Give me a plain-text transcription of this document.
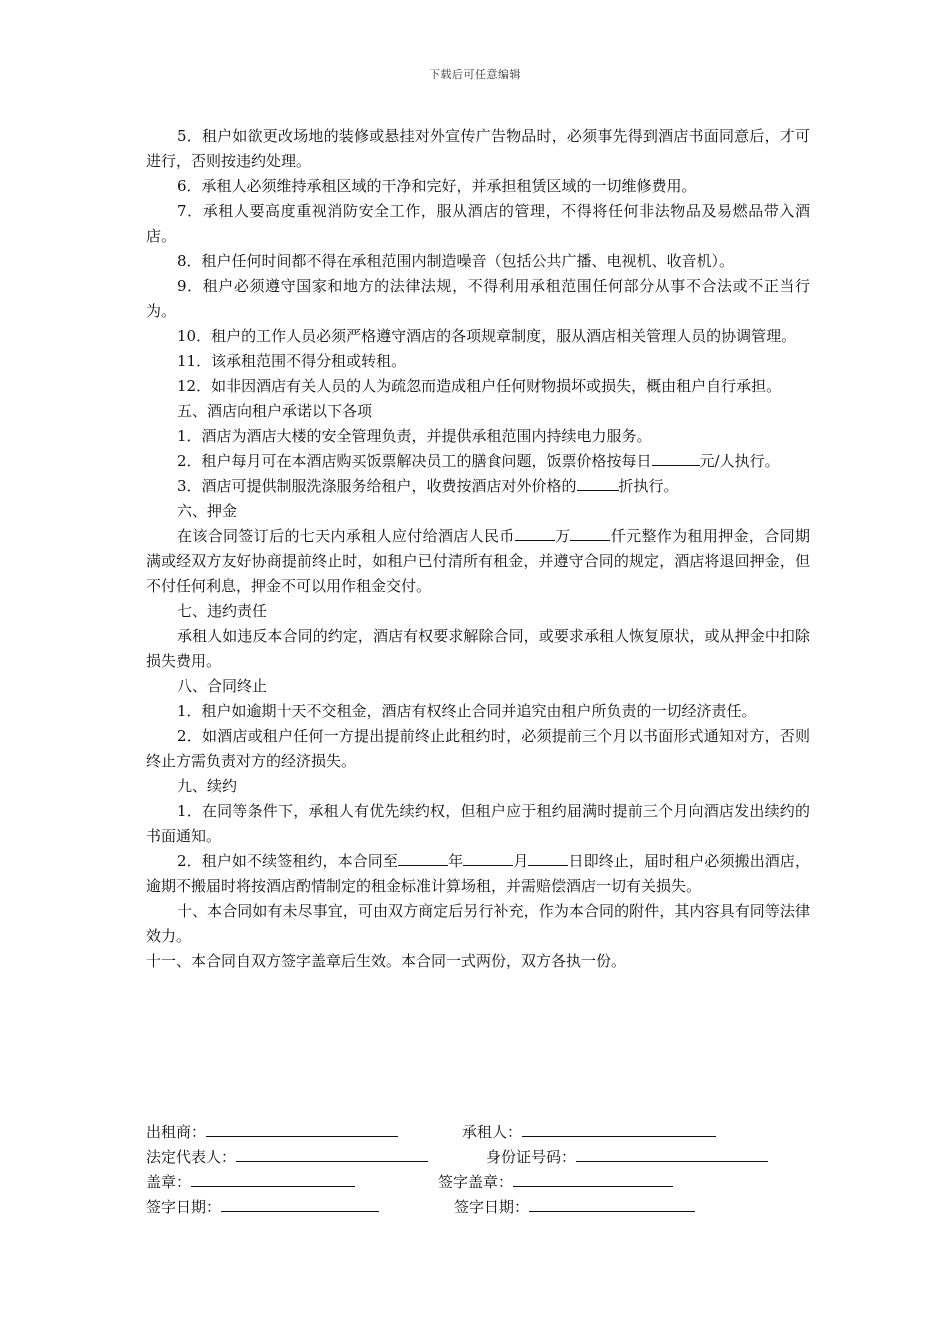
下载后可任意编辑

5．租户如欲更改场地的装修或悬挂对外宣传广告物品时，必须事先得到酒店书面同意后，才可进行，否则按违约处理。

6．承租人必须维持承租区域的干净和完好，并承担租赁区域的一切维修费用。

7．承租人要高度重视消防安全工作，服从酒店的管理，不得将任何非法物品及易燃品带入酒店。

8．租户任何时间都不得在承租范围内制造噪音（包括公共广播、电视机、收音机）。

9．租户必须遵守国家和地方的法律法规，不得利用承租范围任何部分从事不合法或不正当行为。

10．租户的工作人员必须严格遵守酒店的各项规章制度，服从酒店相关管理人员的协调管理。

11．该承租范围不得分租或转租。

12．如非因酒店有关人员的人为疏忽而造成租户任何财物损坏或损失，概由租户自行承担。

五、酒店向租户承诺以下各项

1．酒店为酒店大楼的安全管理负责，并提供承租范围内持续电力服务。

2．租户每月可在本酒店购买饭票解决员工的膳食问题，饭票价格按每日	元/人执行。

3．酒店可提供制服洗涤服务给租户，收费按酒店对外价格的	折执行。

六、押金

在该合同签订后的七天内承租人应付给酒店人民币	万	仟元整作为租用押金，合同期满或经双方友好协商提前终止时，如租户已付清所有租金，并遵守合同的规定，酒店将退回押金，但不付任何利息，押金不可以用作租金交付。

七、违约责任

承租人如违反本合同的约定，酒店有权要求解除合同，或要求承租人恢复原状，或从押金中扣除损失费用。

八、合同终止

1．租户如逾期十天不交租金，酒店有权终止合同并追究由租户所负责的一切经济责任。

2．如酒店或租户任何一方提出提前终止此租约时，必须提前三个月以书面形式通知对方，否则终止方需负责对方的经济损失。

九、续约

1．在同等条件下，承租人有优先续约权，但租户应于租约届满时提前三个月向酒店发出续约的书面通知。

2．租户如不续签租约，本合同至	年	月	日即终止，届时租户必须搬出酒店，逾期不搬届时将按酒店酌情制定的租金标准计算场租，并需赔偿酒店一切有关损失。

十、本合同如有未尽事宜，可由双方商定后另行补充，作为本合同的附件，其内容具有同等法律效力。

十一、本合同自双方签字盖章后生效。本合同一式两份，双方各执一份。

出租商：	承租人：
法定代表人：	身份证号码：
盖章：	签字盖章：
签字日期：	签字日期：
